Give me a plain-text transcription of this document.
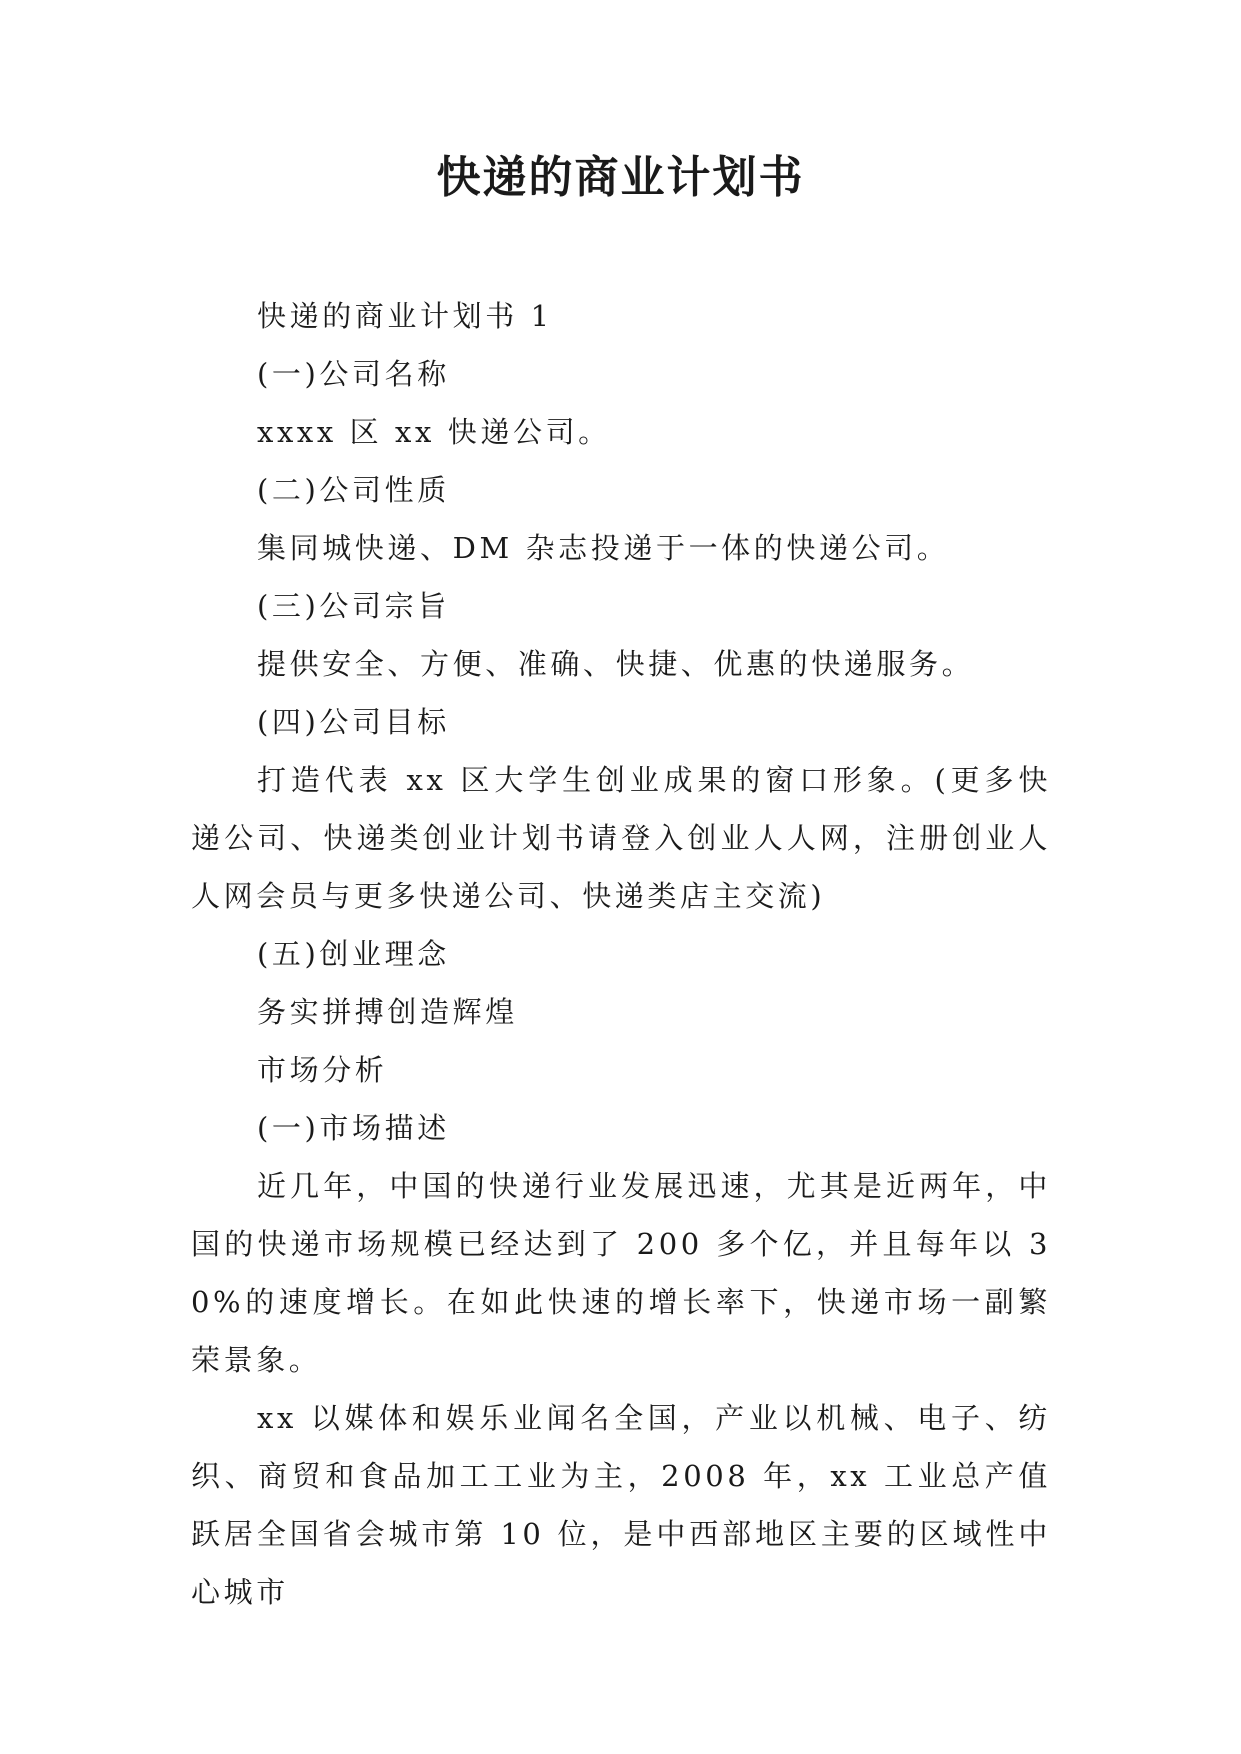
快递的商业计划书

快递的商业计划书 1

(一)公司名称

xxxx 区 xx 快递公司。

(二)公司性质

集同城快递、DM 杂志投递于一体的快递公司。

(三)公司宗旨

提供安全、方便、准确、快捷、优惠的快递服务。

(四)公司目标

打造代表 xx 区大学生创业成果的窗口形象。(更多快递公司、快递类创业计划书请登入创业人人网，注册创业人人网会员与更多快递公司、快递类店主交流)

(五)创业理念

务实拼搏创造辉煌

市场分析

(一)市场描述

近几年，中国的快递行业发展迅速，尤其是近两年，中国的快递市场规模已经达到了 200 多个亿，并且每年以 30%的速度增长。在如此快速的增长率下，快递市场一副繁荣景象。

xx 以媒体和娱乐业闻名全国，产业以机械、电子、纺织、商贸和食品加工工业为主，2008 年，xx 工业总产值跃居全国省会城市第 10 位，是中西部地区主要的区域性中心城市
